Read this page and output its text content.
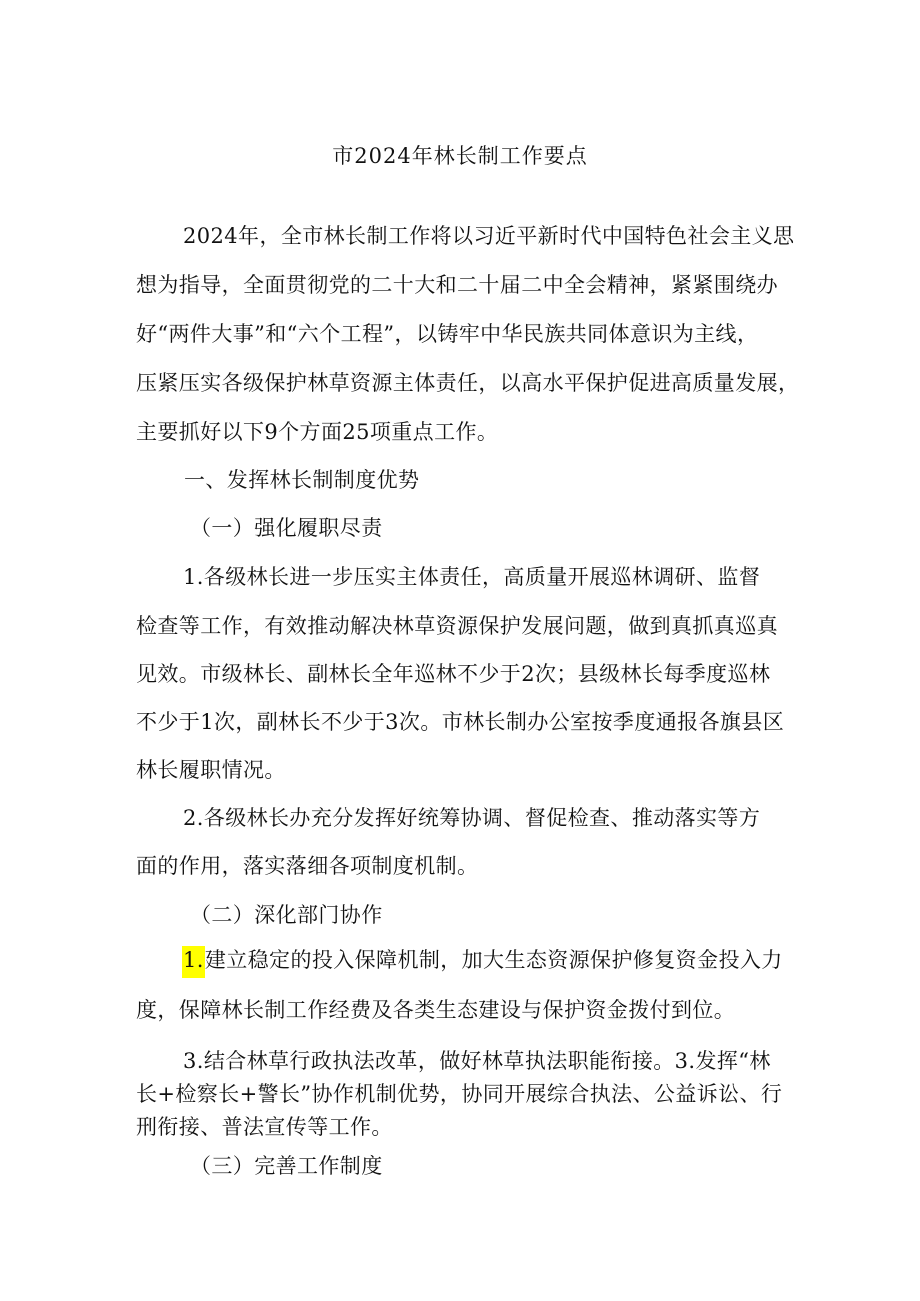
市2024年林长制工作要点
2024年，全市林长制工作将以习近平新时代中国特色社会主义思
想为指导，全面贯彻党的二十大和二十届二中全会精神，紧紧围绕办
好“两件大事”和“六个工程”，以铸牢中华民族共同体意识为主线，
压紧压实各级保护林草资源主体责任，以高水平保护促进高质量发展，
主要抓好以下9个方面25项重点工作。
一、发挥林长制制度优势
（一）强化履职尽责
1.各级林长进一步压实主体责任，高质量开展巡林调研、监督
检查等工作，有效推动解决林草资源保护发展问题，做到真抓真巡真
见效。市级林长、副林长全年巡林不少于2次；县级林长每季度巡林
不少于1次，副林长不少于3次。市林长制办公室按季度通报各旗县区
林长履职情况。
2.各级林长办充分发挥好统筹协调、督促检查、推动落实等方
面的作用，落实落细各项制度机制。
（二）深化部门协作
1.建立稳定的投入保障机制，加大生态资源保护修复资金投入力
度，保障林长制工作经费及各类生态建设与保护资金拨付到位。
3.结合林草行政执法改革，做好林草执法职能衔接。3.发挥“林
长+检察长+警长”协作机制优势，协同开展综合执法、公益诉讼、行
刑衔接、普法宣传等工作。
（三）完善工作制度
